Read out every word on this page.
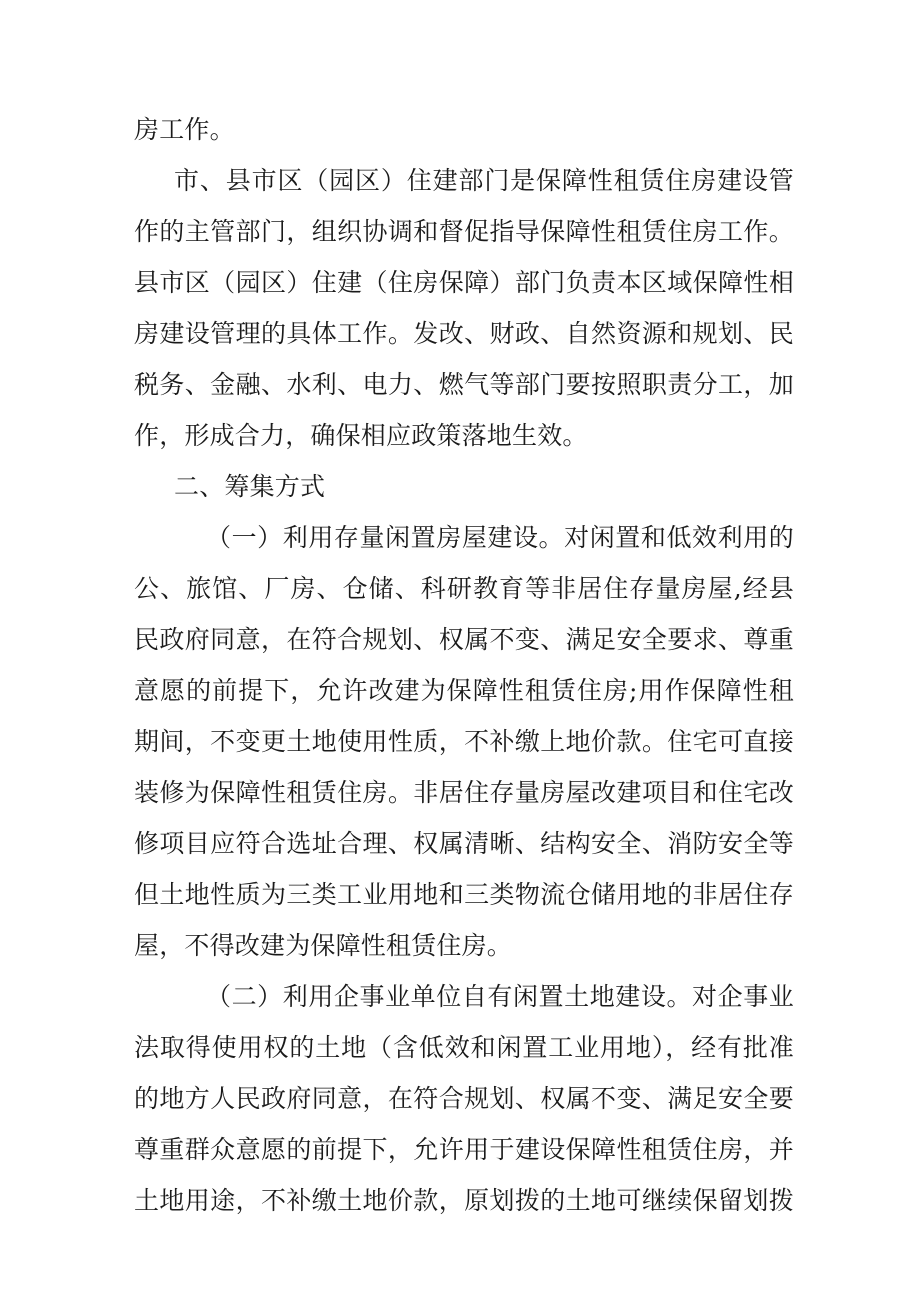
房工作。
市、县市区（园区）住建部门是保障性租赁住房建设管
作的主管部门，组织协调和督促指导保障性租赁住房工作。
县市区（园区）住建（住房保障）部门负责本区域保障性相
房建设管理的具体工作。发改、财政、自然资源和规划、民
税务、金融、水利、电力、燃气等部门要按照职责分工，加
作，形成合力，确保相应政策落地生效。
二、筹集方式
（一）利用存量闲置房屋建设。对闲置和低效利用的
公、旅馆、厂房、仓储、科研教育等非居住存量房屋,经县
民政府同意，在符合规划、权属不变、满足安全要求、尊重
意愿的前提下，允许改建为保障性租赁住房;用作保障性租
期间，不变更土地使用性质，不补缴上地价款。住宅可直接
装修为保障性租赁住房。非居住存量房屋改建项目和住宅改
修项目应符合选址合理、权属清晰、结构安全、消防安全等
但土地性质为三类工业用地和三类物流仓储用地的非居住存
屋，不得改建为保障性租赁住房。
（二）利用企事业单位自有闲置土地建设。对企事业
法取得使用权的土地（含低效和闲置工业用地），经有批准
的地方人民政府同意，在符合规划、权属不变、满足安全要
尊重群众意愿的前提下，允许用于建设保障性租赁住房，并
土地用途，不补缴土地价款，原划拨的土地可继续保留划拨
